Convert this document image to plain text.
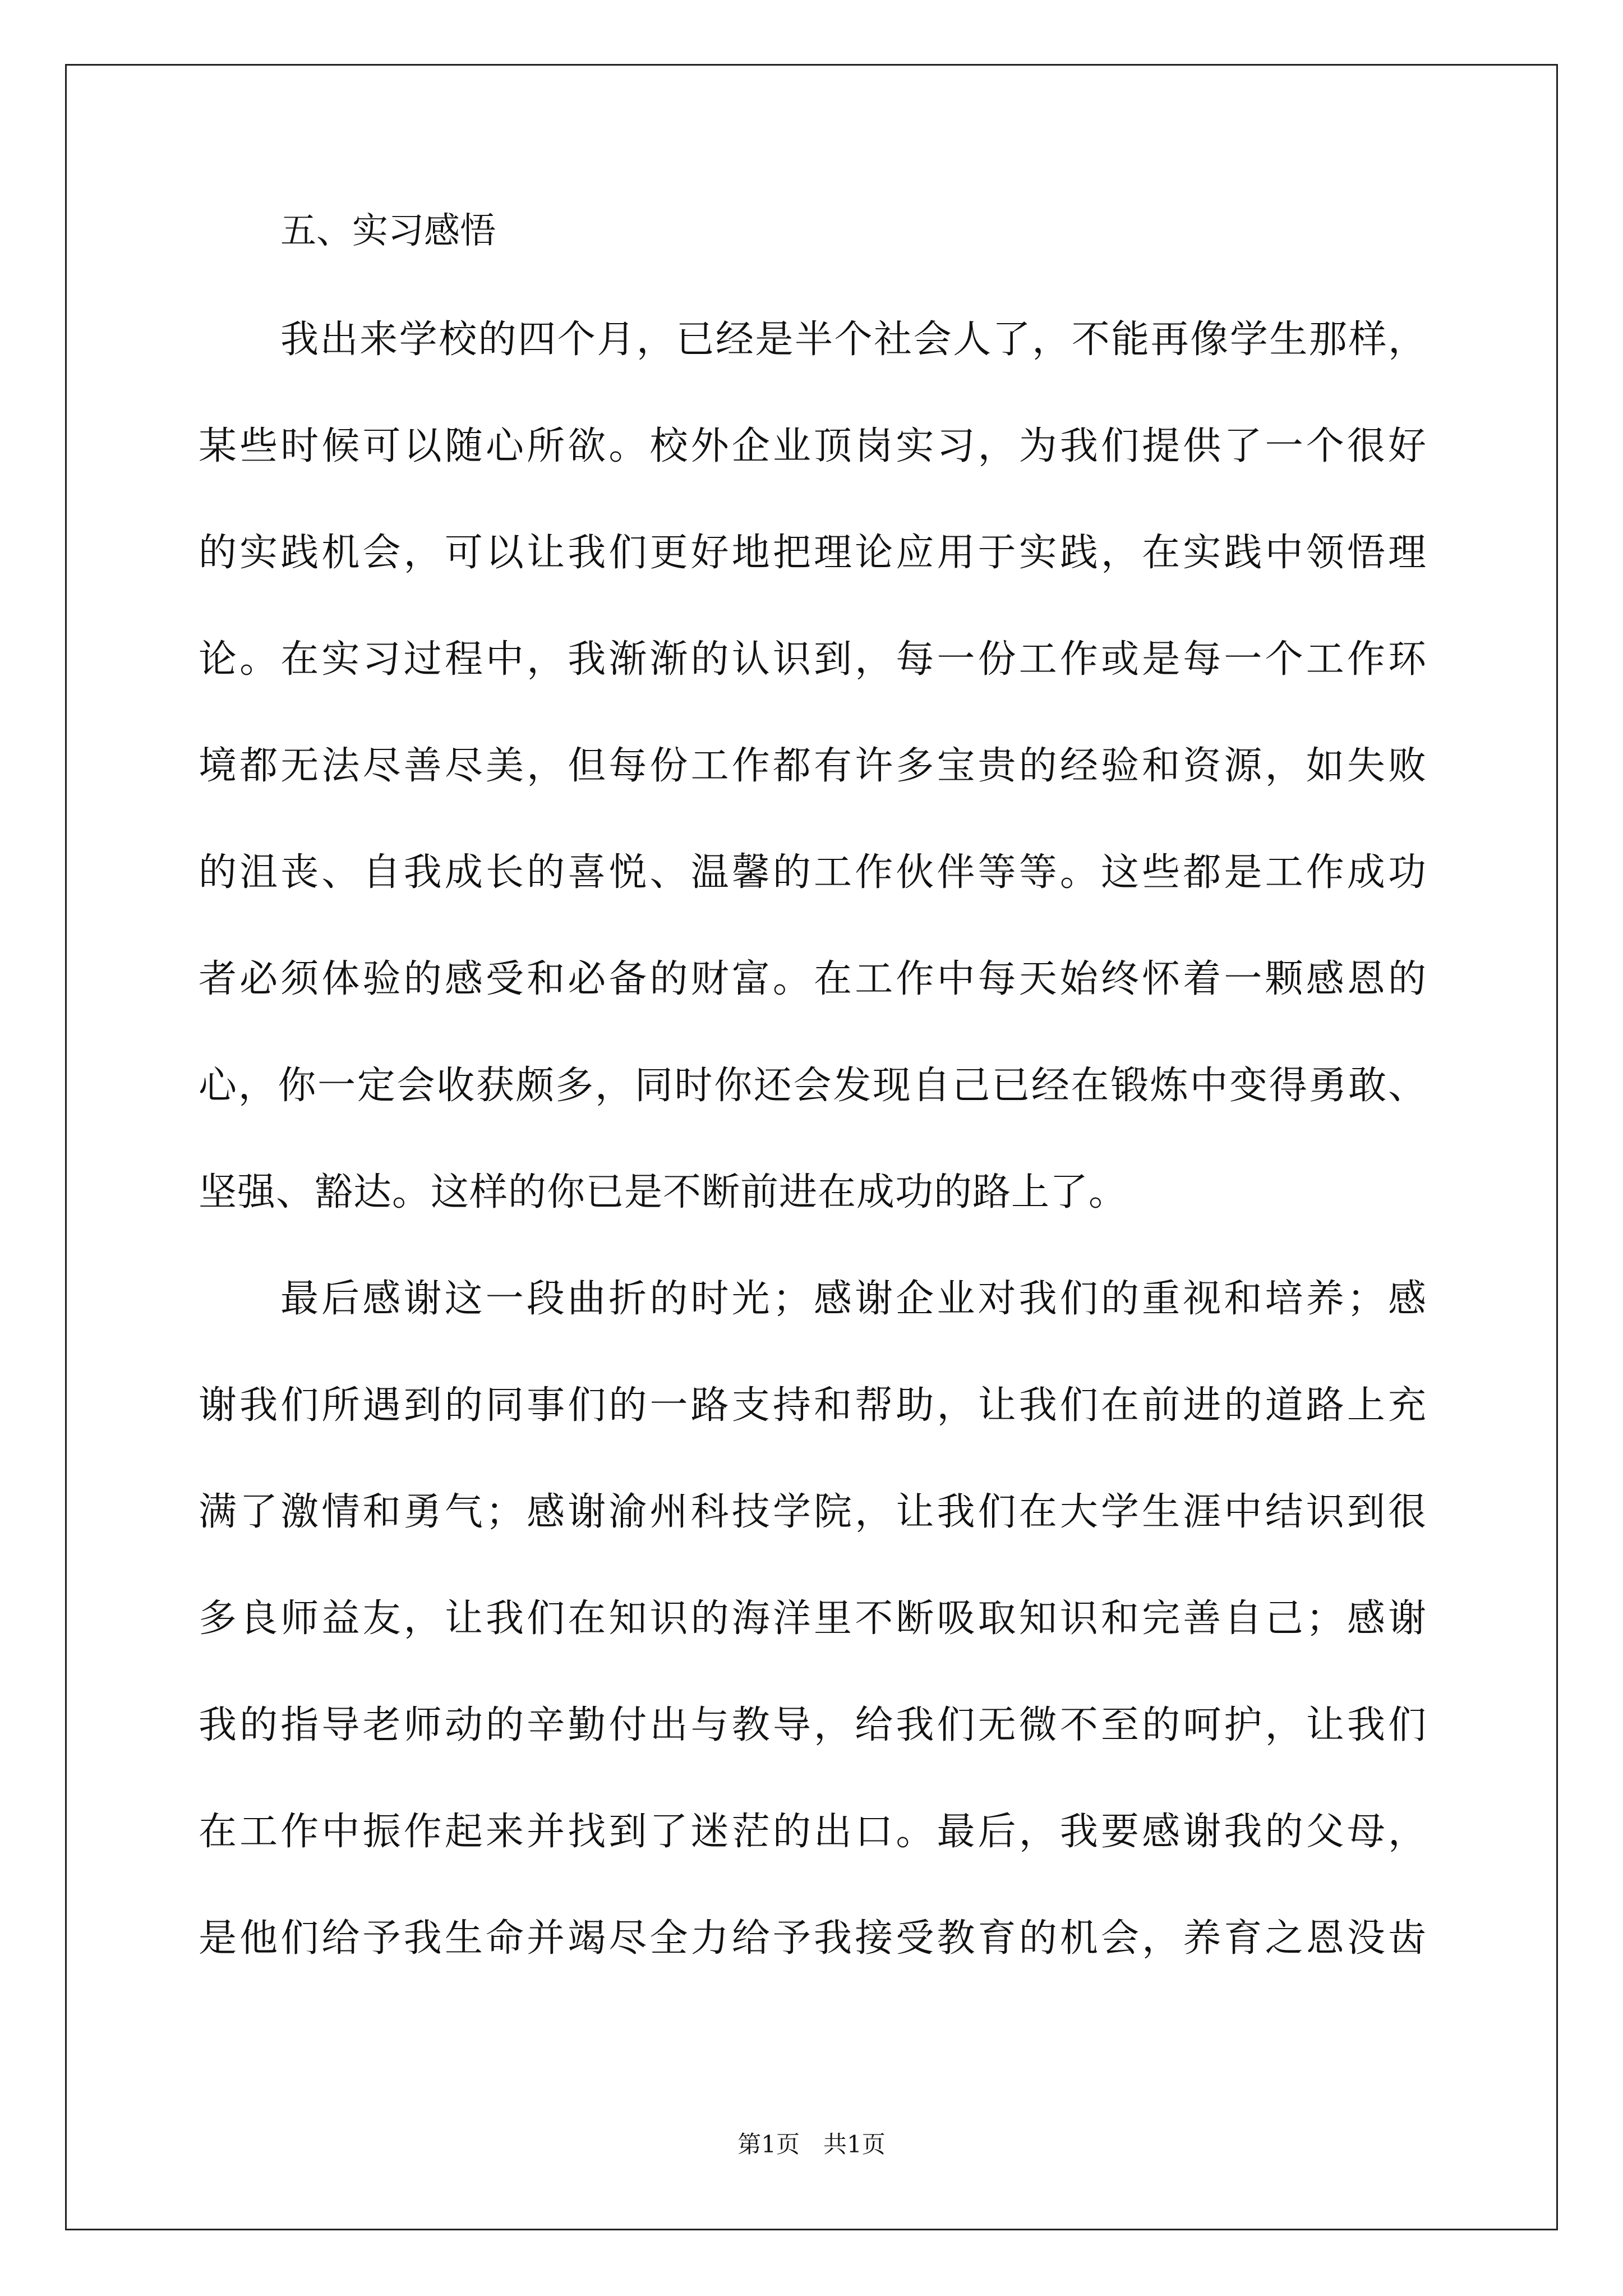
五、实习感悟
我出来学校的四个月，已经是半个社会人了，不能再像学生那样，
某些时候可以随心所欲。校外企业顶岗实习，为我们提供了一个很好
的实践机会，可以让我们更好地把理论应用于实践，在实践中领悟理
论。在实习过程中，我渐渐的认识到，每一份工作或是每一个工作环
境都无法尽善尽美，但每份工作都有许多宝贵的经验和资源，如失败
的沮丧、自我成长的喜悦、温馨的工作伙伴等等。这些都是工作成功
者必须体验的感受和必备的财富。在工作中每天始终怀着一颗感恩的
心，你一定会收获颇多，同时你还会发现自己已经在锻炼中变得勇敢、
坚强、豁达。这样的你已是不断前进在成功的路上了。
最后感谢这一段曲折的时光；感谢企业对我们的重视和培养；感
谢我们所遇到的同事们的一路支持和帮助，让我们在前进的道路上充
满了激情和勇气；感谢渝州科技学院，让我们在大学生涯中结识到很
多良师益友，让我们在知识的海洋里不断吸取知识和完善自己；感谢
我的指导老师动的辛勤付出与教导，给我们无微不至的呵护，让我们
在工作中振作起来并找到了迷茫的出口。最后，我要感谢我的父母，
是他们给予我生命并竭尽全力给予我接受教育的机会，养育之恩没齿
第1页　共1页
